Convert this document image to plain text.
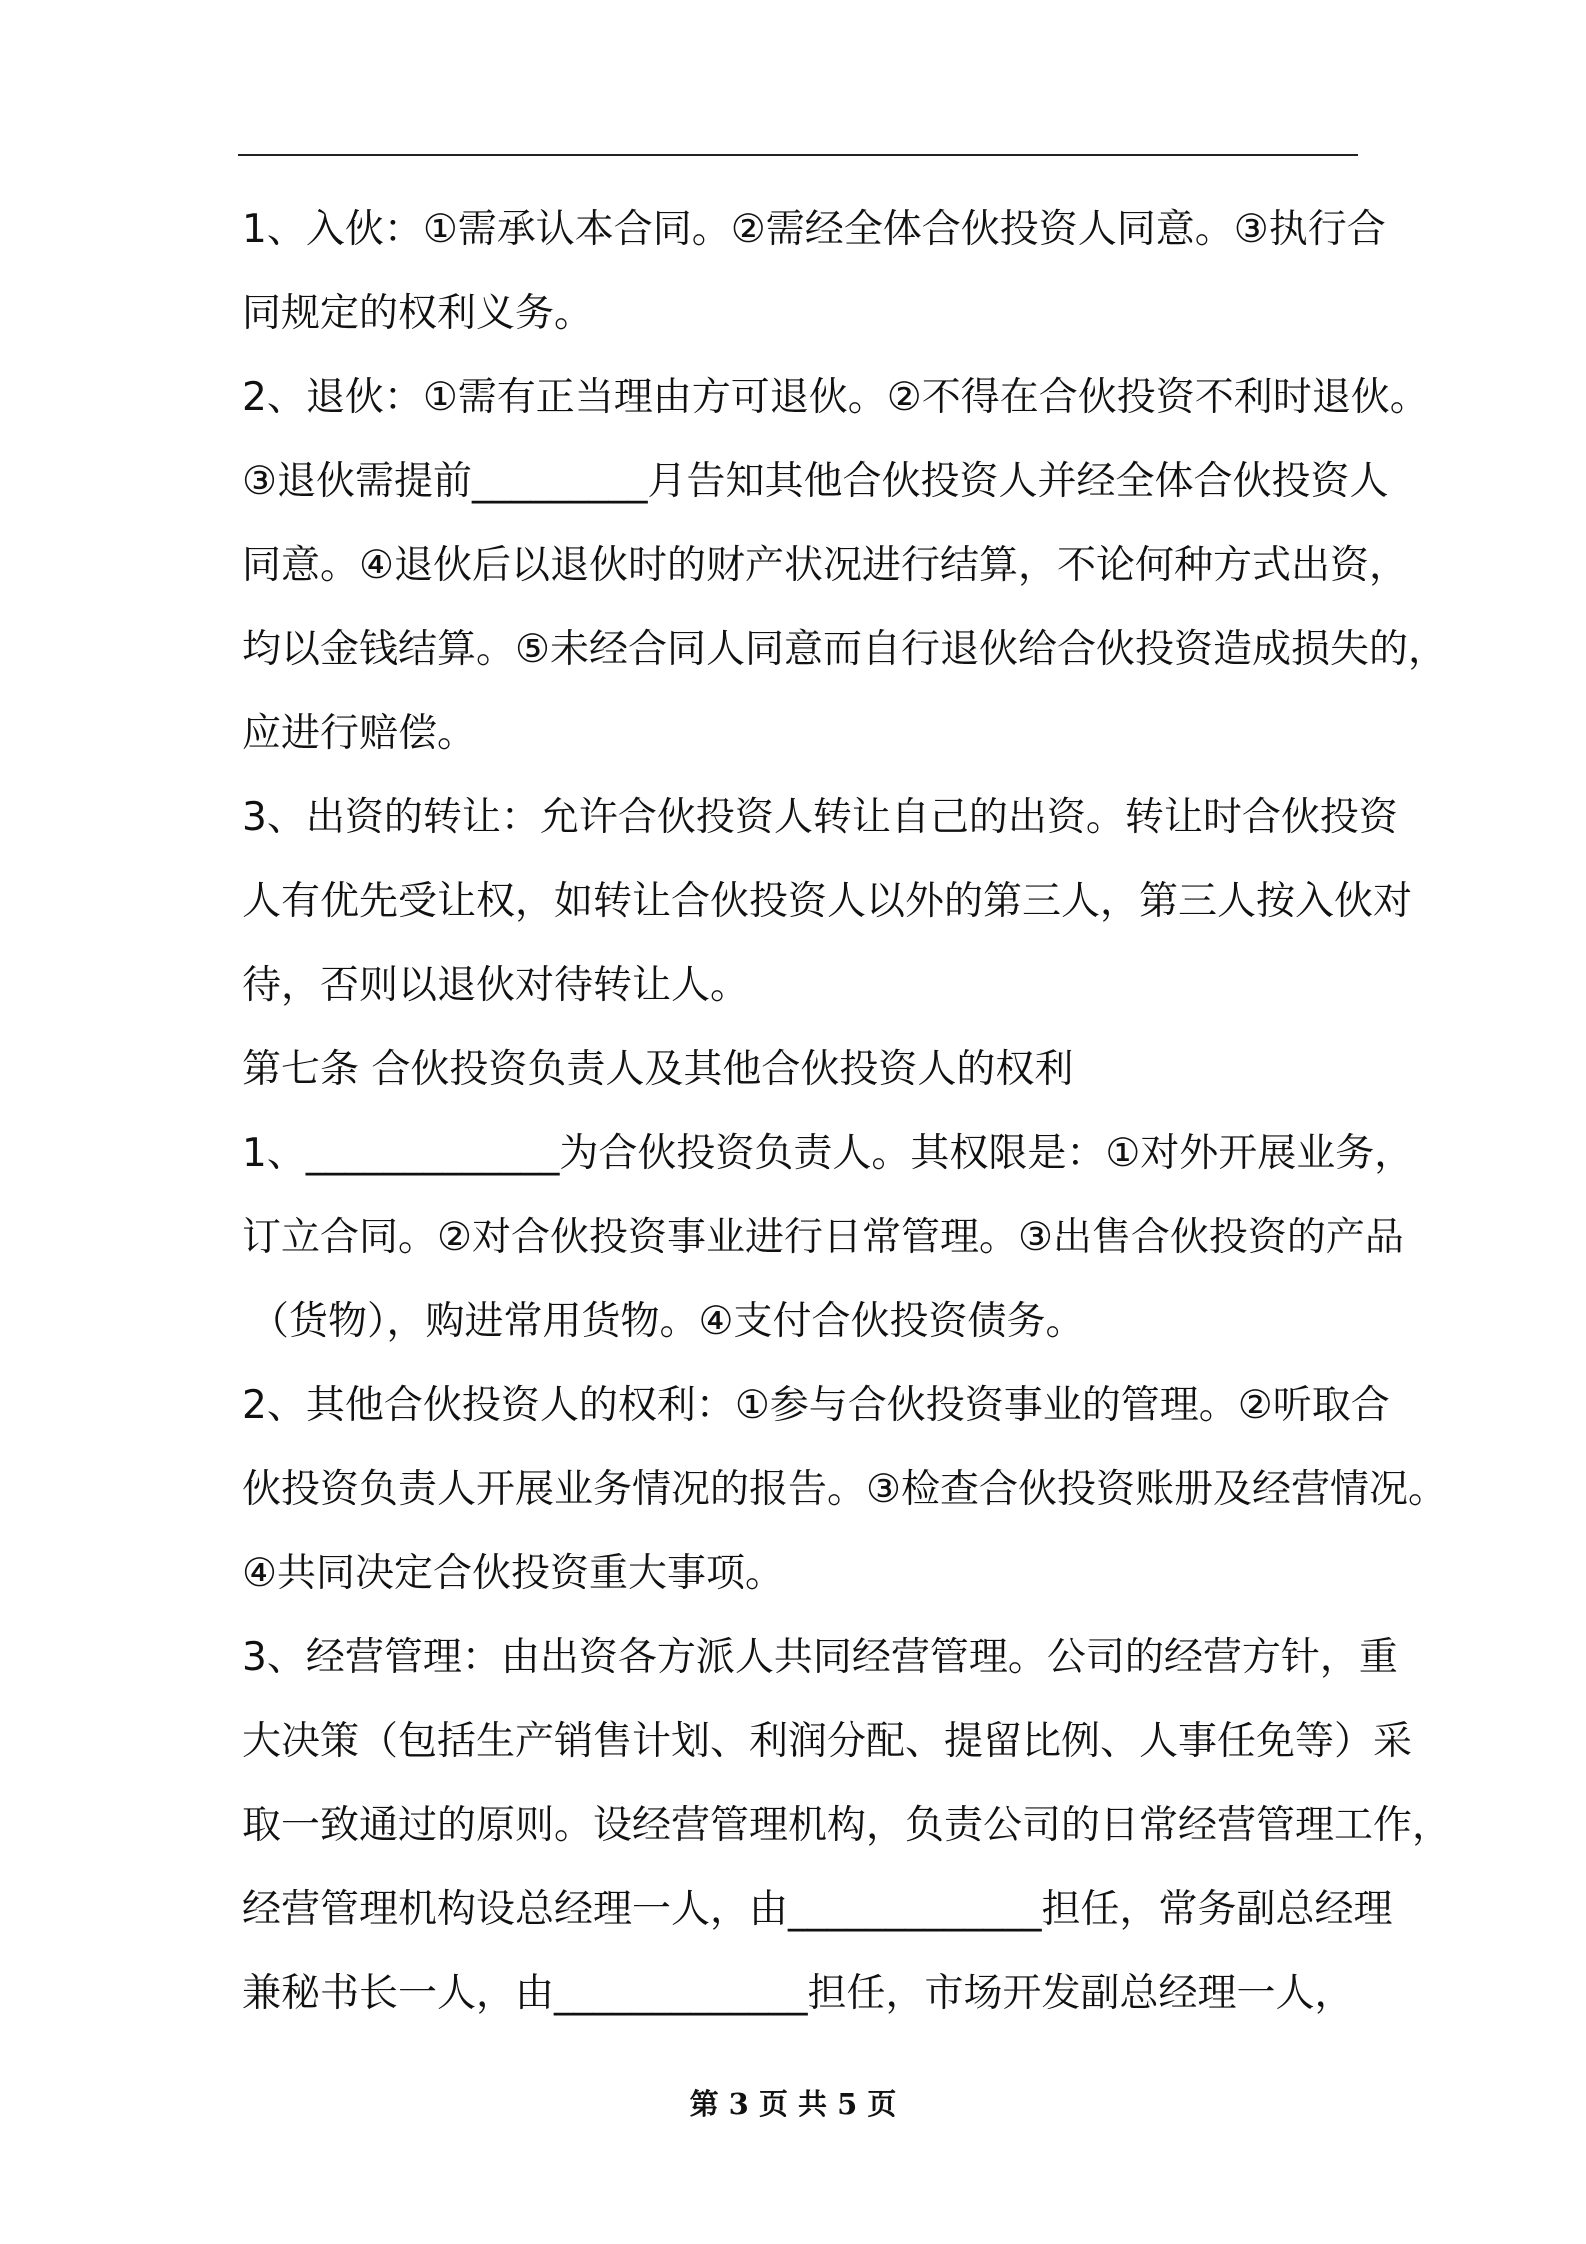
1、入伙：①需承认本合同。②需经全体合伙投资人同意。③执行合
同规定的权利义务。
2、退伙：①需有正当理由方可退伙。②不得在合伙投资不利时退伙。
③退伙需提前_________月告知其他合伙投资人并经全体合伙投资人
同意。④退伙后以退伙时的财产状况进行结算，不论何种方式出资，
均以金钱结算。⑤未经合同人同意而自行退伙给合伙投资造成损失的，
应进行赔偿。
3、出资的转让：允许合伙投资人转让自己的出资。转让时合伙投资
人有优先受让权，如转让合伙投资人以外的第三人，第三人按入伙对
待，否则以退伙对待转让人。
第七条 合伙投资负责人及其他合伙投资人的权利
1、_____________为合伙投资负责人。其权限是：①对外开展业务，
订立合同。②对合伙投资事业进行日常管理。③出售合伙投资的产品
（货物），购进常用货物。④支付合伙投资债务。
2、其他合伙投资人的权利：①参与合伙投资事业的管理。②听取合
伙投资负责人开展业务情况的报告。③检查合伙投资账册及经营情况。
④共同决定合伙投资重大事项。
3、经营管理：由出资各方派人共同经营管理。公司的经营方针，重
大决策（包括生产销售计划、利润分配、提留比例、人事任免等）采
取一致通过的原则。设经营管理机构，负责公司的日常经营管理工作，
经营管理机构设总经理一人，由_____________担任，常务副总经理
兼秘书长一人，由_____________担任，市场开发副总经理一人，
第 3 页 共 5 页
